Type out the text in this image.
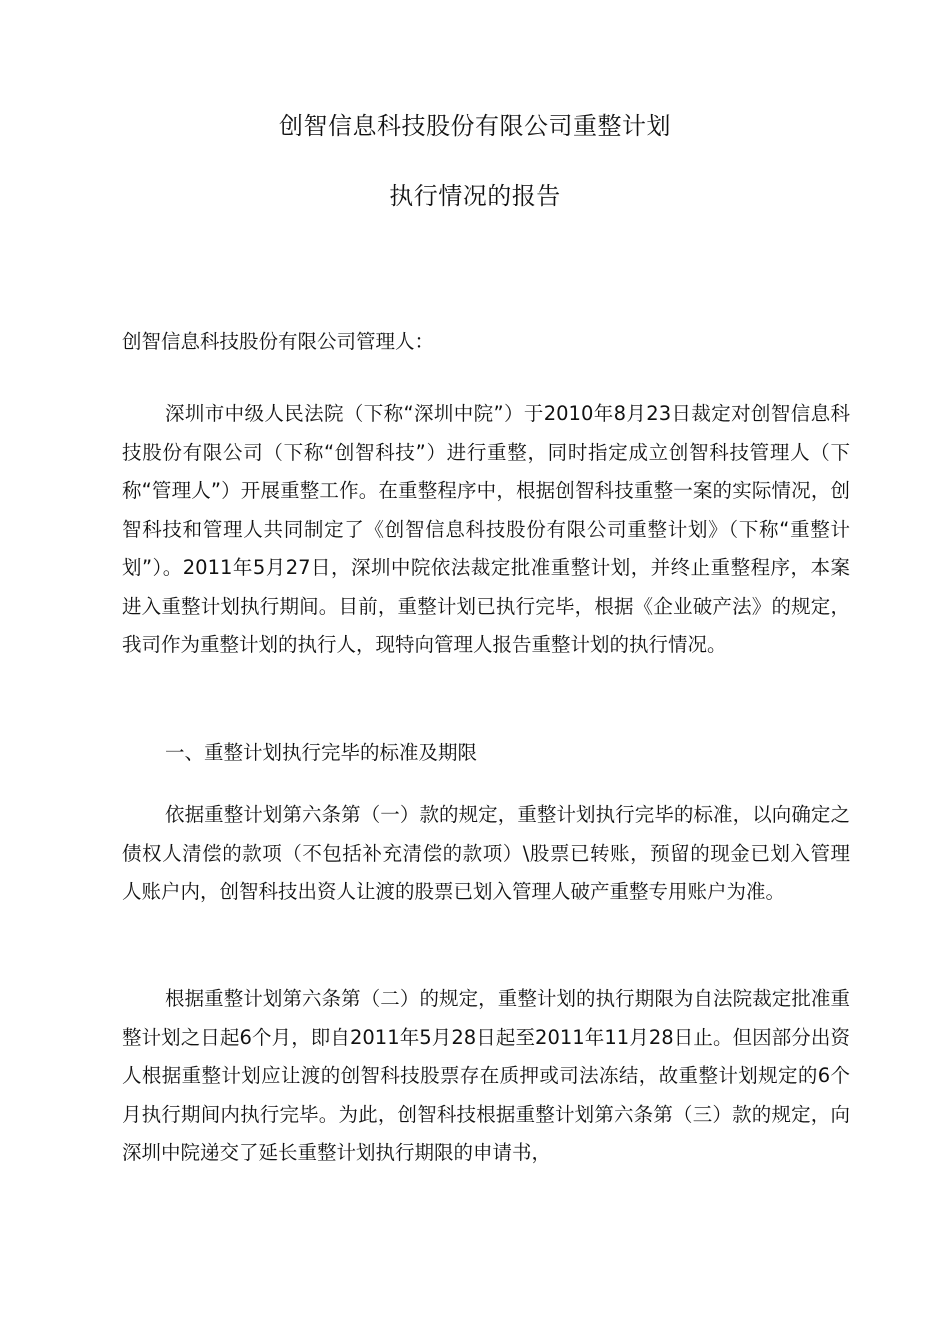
创智信息科技股份有限公司重整计划
执行情况的报告
创智信息科技股份有限公司管理人：

深圳市中级人民法院（下称“深圳中院”）于2010年8月23日裁定对创智信息科技股份有限公司（下称“创智科技”）进行重整，同时指定成立创智科技管理人（下称“管理人”）开展重整工作。在重整程序中，根据创智科技重整一案的实际情况，创智科技和管理人共同制定了《创智信息科技股份有限公司重整计划》（下称“重整计划”）。2011年5月27日，深圳中院依法裁定批准重整计划，并终止重整程序，本案进入重整计划执行期间。目前，重整计划已执行完毕，根据《企业破产法》的规定，我司作为重整计划的执行人，现特向管理人报告重整计划的执行情况。

一、重整计划执行完毕的标准及期限

依据重整计划第六条第（一）款的规定，重整计划执行完毕的标准，以向确定之债权人清偿的款项（不包括补充清偿的款项）\股票已转账，预留的现金已划入管理人账户内，创智科技出资人让渡的股票已划入管理人破产重整专用账户为准。

根据重整计划第六条第（二）的规定，重整计划的执行期限为自法院裁定批准重整计划之日起6个月，即自2011年5月28日起至2011年11月28日止。但因部分出资人根据重整计划应让渡的创智科技股票存在质押或司法冻结，故重整计划规定的6个月执行期间内执行完毕。为此，创智科技根据重整计划第六条第（三）款的规定，向深圳中院递交了延长重整计划执行期限的申请书，
